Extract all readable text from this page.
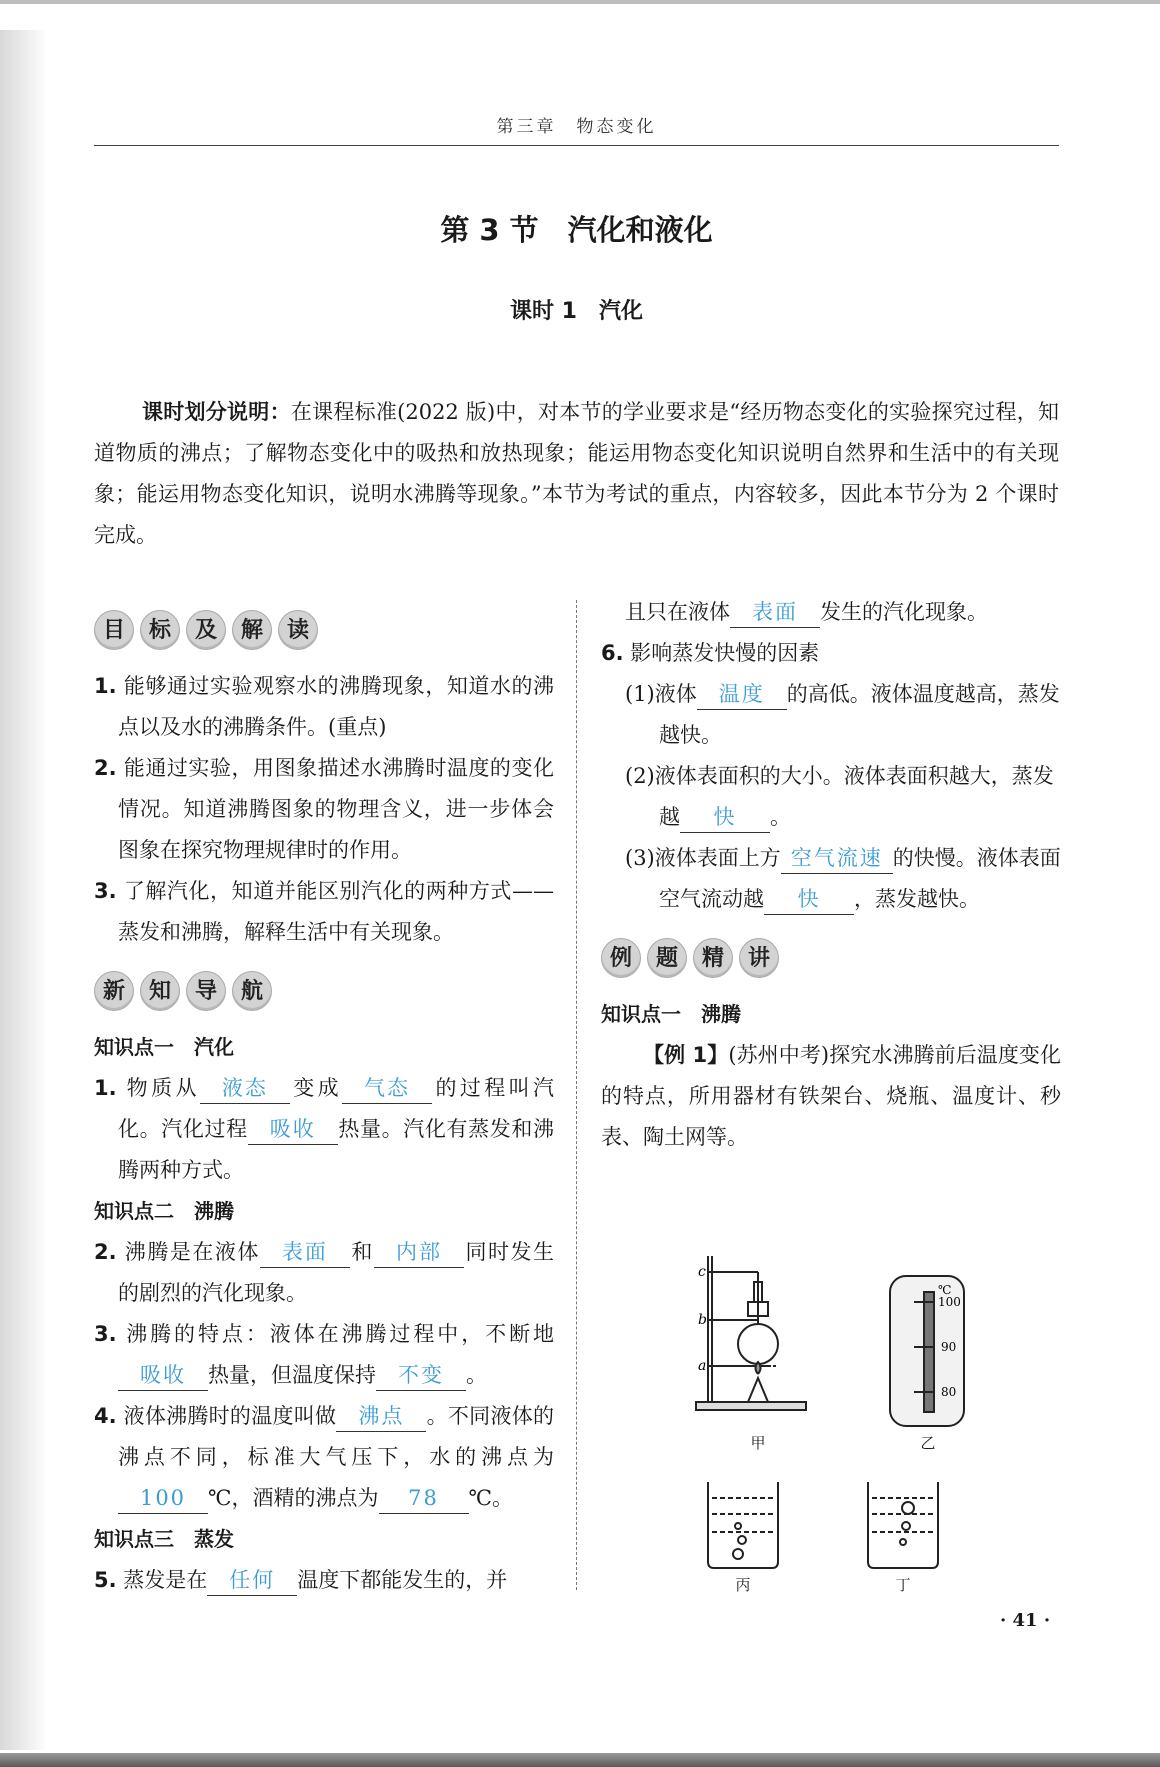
第三章　物态变化
第 3 节　汽化和液化
课时 1　汽化
课时划分说明：在课程标准(2022 版)中，对本节的学业要求是“经历物态变化的实验探究过程，知道物质的沸点；了解物态变化中的吸热和放热现象；能运用物态变化知识说明自然界和生活中的有关现象；能运用物态变化知识，说明水沸腾等现象。”本节为考试的重点，内容较多，因此本节分为 2 个课时完成。
目	标	及	解	读
1. 能够通过实验观察水的沸腾现象，知道水的沸点以及水的沸腾条件。(重点)
2. 能通过实验，用图象描述水沸腾时温度的变化情况。知道沸腾图象的物理含义，进一步体会图象在探究物理规律时的作用。
3. 了解汽化，知道并能区别汽化的两种方式——蒸发和沸腾，解释生活中有关现象。
新	知	导	航
知识点一　汽化
1. 物质从 液态 变成 气态 的过程叫汽化。汽化过程 吸收 热量。汽化有蒸发和沸腾两种方式。
知识点二　沸腾
2. 沸腾是在液体 表面 和 内部 同时发生的剧烈的汽化现象。
3. 沸腾的特点：液体在沸腾过程中，不断地吸收 热量，但温度保持 不变 。
4. 液体沸腾时的温度叫做 沸点 。不同液体的沸点不同，标准大气压下，水的沸点为100 ℃，酒精的沸点为 78 ℃。
知识点三　蒸发
5. 蒸发是在 任何 温度下都能发生的，并
且只在液体 表面 发生的汽化现象。
6. 影响蒸发快慢的因素
(1)液体 温度 的高低。液体温度越高，蒸发越快。
(2)液体表面积的大小。液体表面积越大，蒸发越 快 。
(3)液体表面上方 空气流速 的快慢。液体表面空气流动越 快 ，蒸发越快。
例	题	精	讲
知识点一　沸腾
【例 1】(苏州中考)探究水沸腾前后温度变化的特点，所用器材有铁架台、烧瓶、温度计、秒表、陶土网等。
c
b
a
℃
100
90
80
甲	乙
丙	丁
· 41 ·
